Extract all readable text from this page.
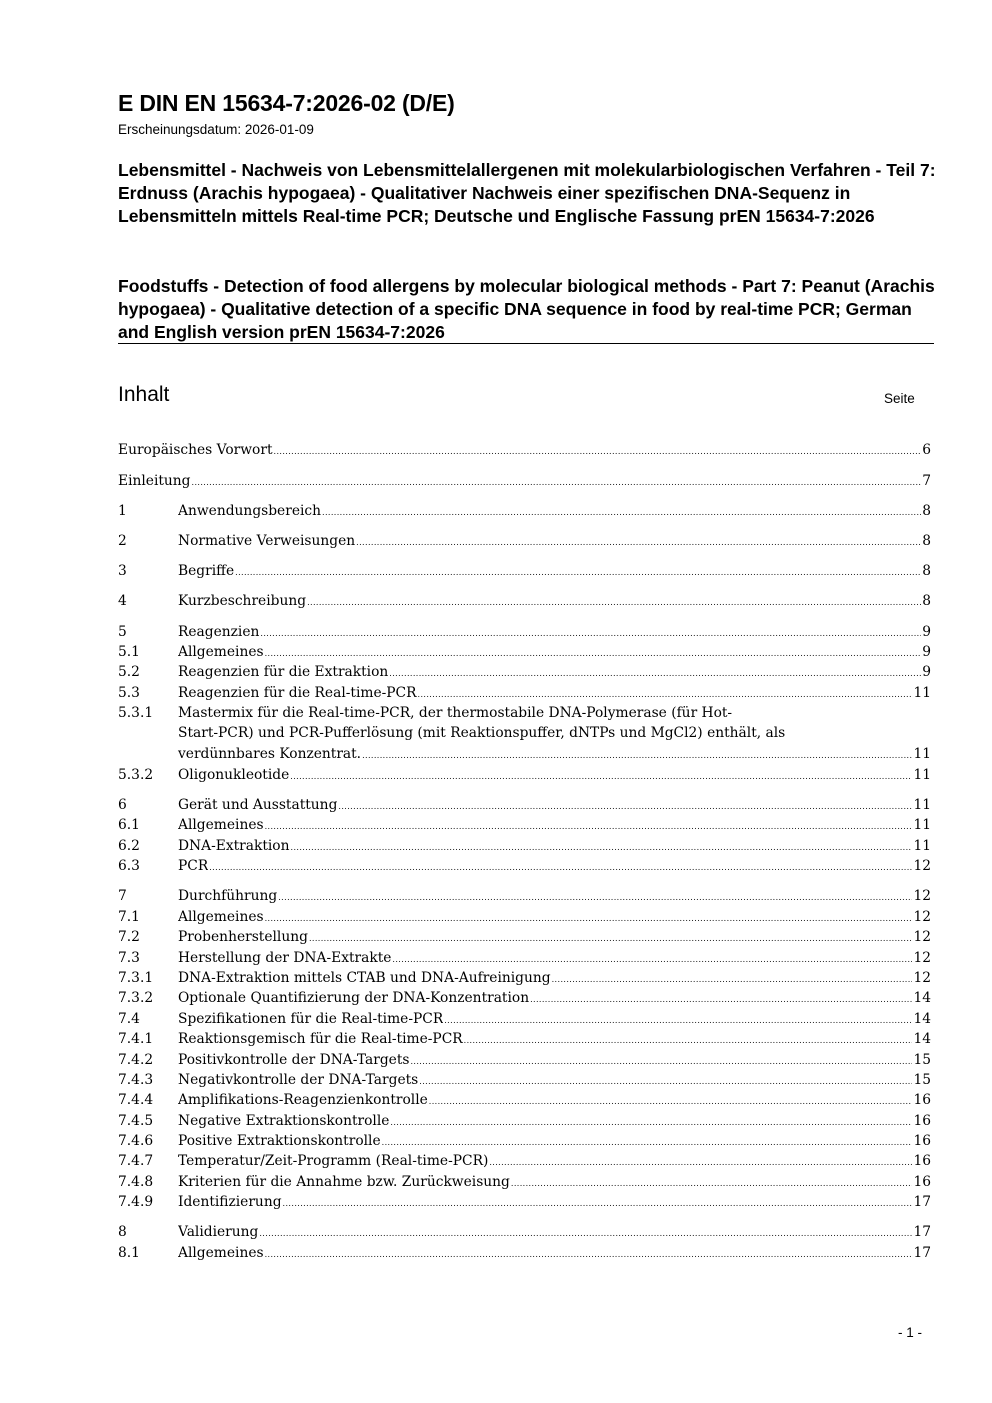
E DIN EN 15634-7:2026-02 (D/E)
Erscheinungsdatum: 2026-01-09

Lebensmittel - Nachweis von Lebensmittelallergenen mit molekularbiologischen Verfahren - Teil 7: Erdnuss (Arachis hypogaea) - Qualitativer Nachweis einer spezifischen DNA-Sequenz in Lebensmitteln mittels Real-time PCR; Deutsche und Englische Fassung prEN 15634-7:2026

Foodstuffs - Detection of food allergens by molecular biological methods - Part 7: Peanut (Arachis hypogaea) - Qualitative detection of a specific DNA sequence in food by real-time PCR; German and English version prEN 15634-7:2026

Inhalt	Seite
Europäisches Vorwort .....	6
Einleitung .....	7
1	Anwendungsbereich .....	8
2	Normative Verweisungen .....	8
3	Begriffe .....	8
4	Kurzbeschreibung .....	8
5	Reagenzien .....	9
5.1	Allgemeines .....	9
5.2	Reagenzien für die Extraktion .....	9
5.3	Reagenzien für die Real-time-PCR .....	11
5.3.1	Mastermix für die Real-time-PCR, der thermostabile DNA-Polymerase (für Hot-
Start-PCR) und PCR-Pufferlösung (mit Reaktionspuffer, dNTPs und MgCl2) enthält, als
verdünnbares Konzentrat. .....	11
5.3.2	Oligonukleotide .....	11
6	Gerät und Ausstattung .....	11
6.1	Allgemeines .....	11
6.2	DNA-Extraktion .....	11
6.3	PCR .....	12
7	Durchführung .....	12
7.1	Allgemeines .....	12
7.2	Probenherstellung .....	12
7.3	Herstellung der DNA-Extrakte .....	12
7.3.1	DNA-Extraktion mittels CTAB und DNA-Aufreinigung .....	12
7.3.2	Optionale Quantifizierung der DNA-Konzentration .....	14
7.4	Spezifikationen für die Real-time-PCR .....	14
7.4.1	Reaktionsgemisch für die Real-time-PCR .....	14
7.4.2	Positivkontrolle der DNA-Targets .....	15
7.4.3	Negativkontrolle der DNA-Targets .....	15
7.4.4	Amplifikations-Reagenzienkontrolle .....	16
7.4.5	Negative Extraktionskontrolle .....	16
7.4.6	Positive Extraktionskontrolle .....	16
7.4.7	Temperatur/Zeit-Programm (Real-time-PCR) .....	16
7.4.8	Kriterien für die Annahme bzw. Zurückweisung .....	16
7.4.9	Identifizierung .....	17
8	Validierung .....	17
8.1	Allgemeines .....	17
- 1 -
